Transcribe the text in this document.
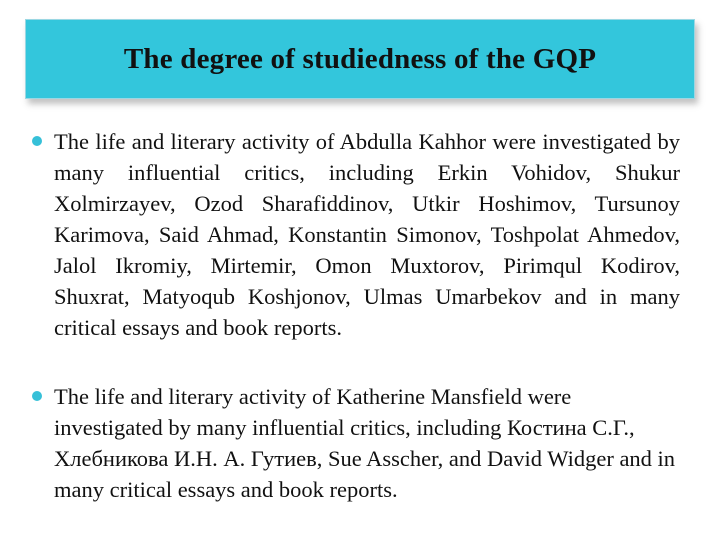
The degree of studiedness of the GQP
The life and literary activity of Abdulla Kahhor were investigated by many influential critics, including Erkin Vohidov, Shukur Xolmirzayev, Ozod Sharafiddinov, Utkir Hoshimov, Tursunoy Karimova, Said Ahmad, Konstantin Simonov, Toshpolat Ahmedov, Jalol Ikromiy, Mirtemir, Omon Muxtorov, Pirimqul Kodirov, Shuxrat, Matyoqub Koshjonov, Ulmas Umarbekov and in many critical essays and book reports.
The life and literary activity of Katherine Mansfield were investigated by many influential critics, including Костина С.Г., Хлебникова И.Н. А. Гутиев, Sue Asscher, and David Widger and in many critical essays and book reports.
